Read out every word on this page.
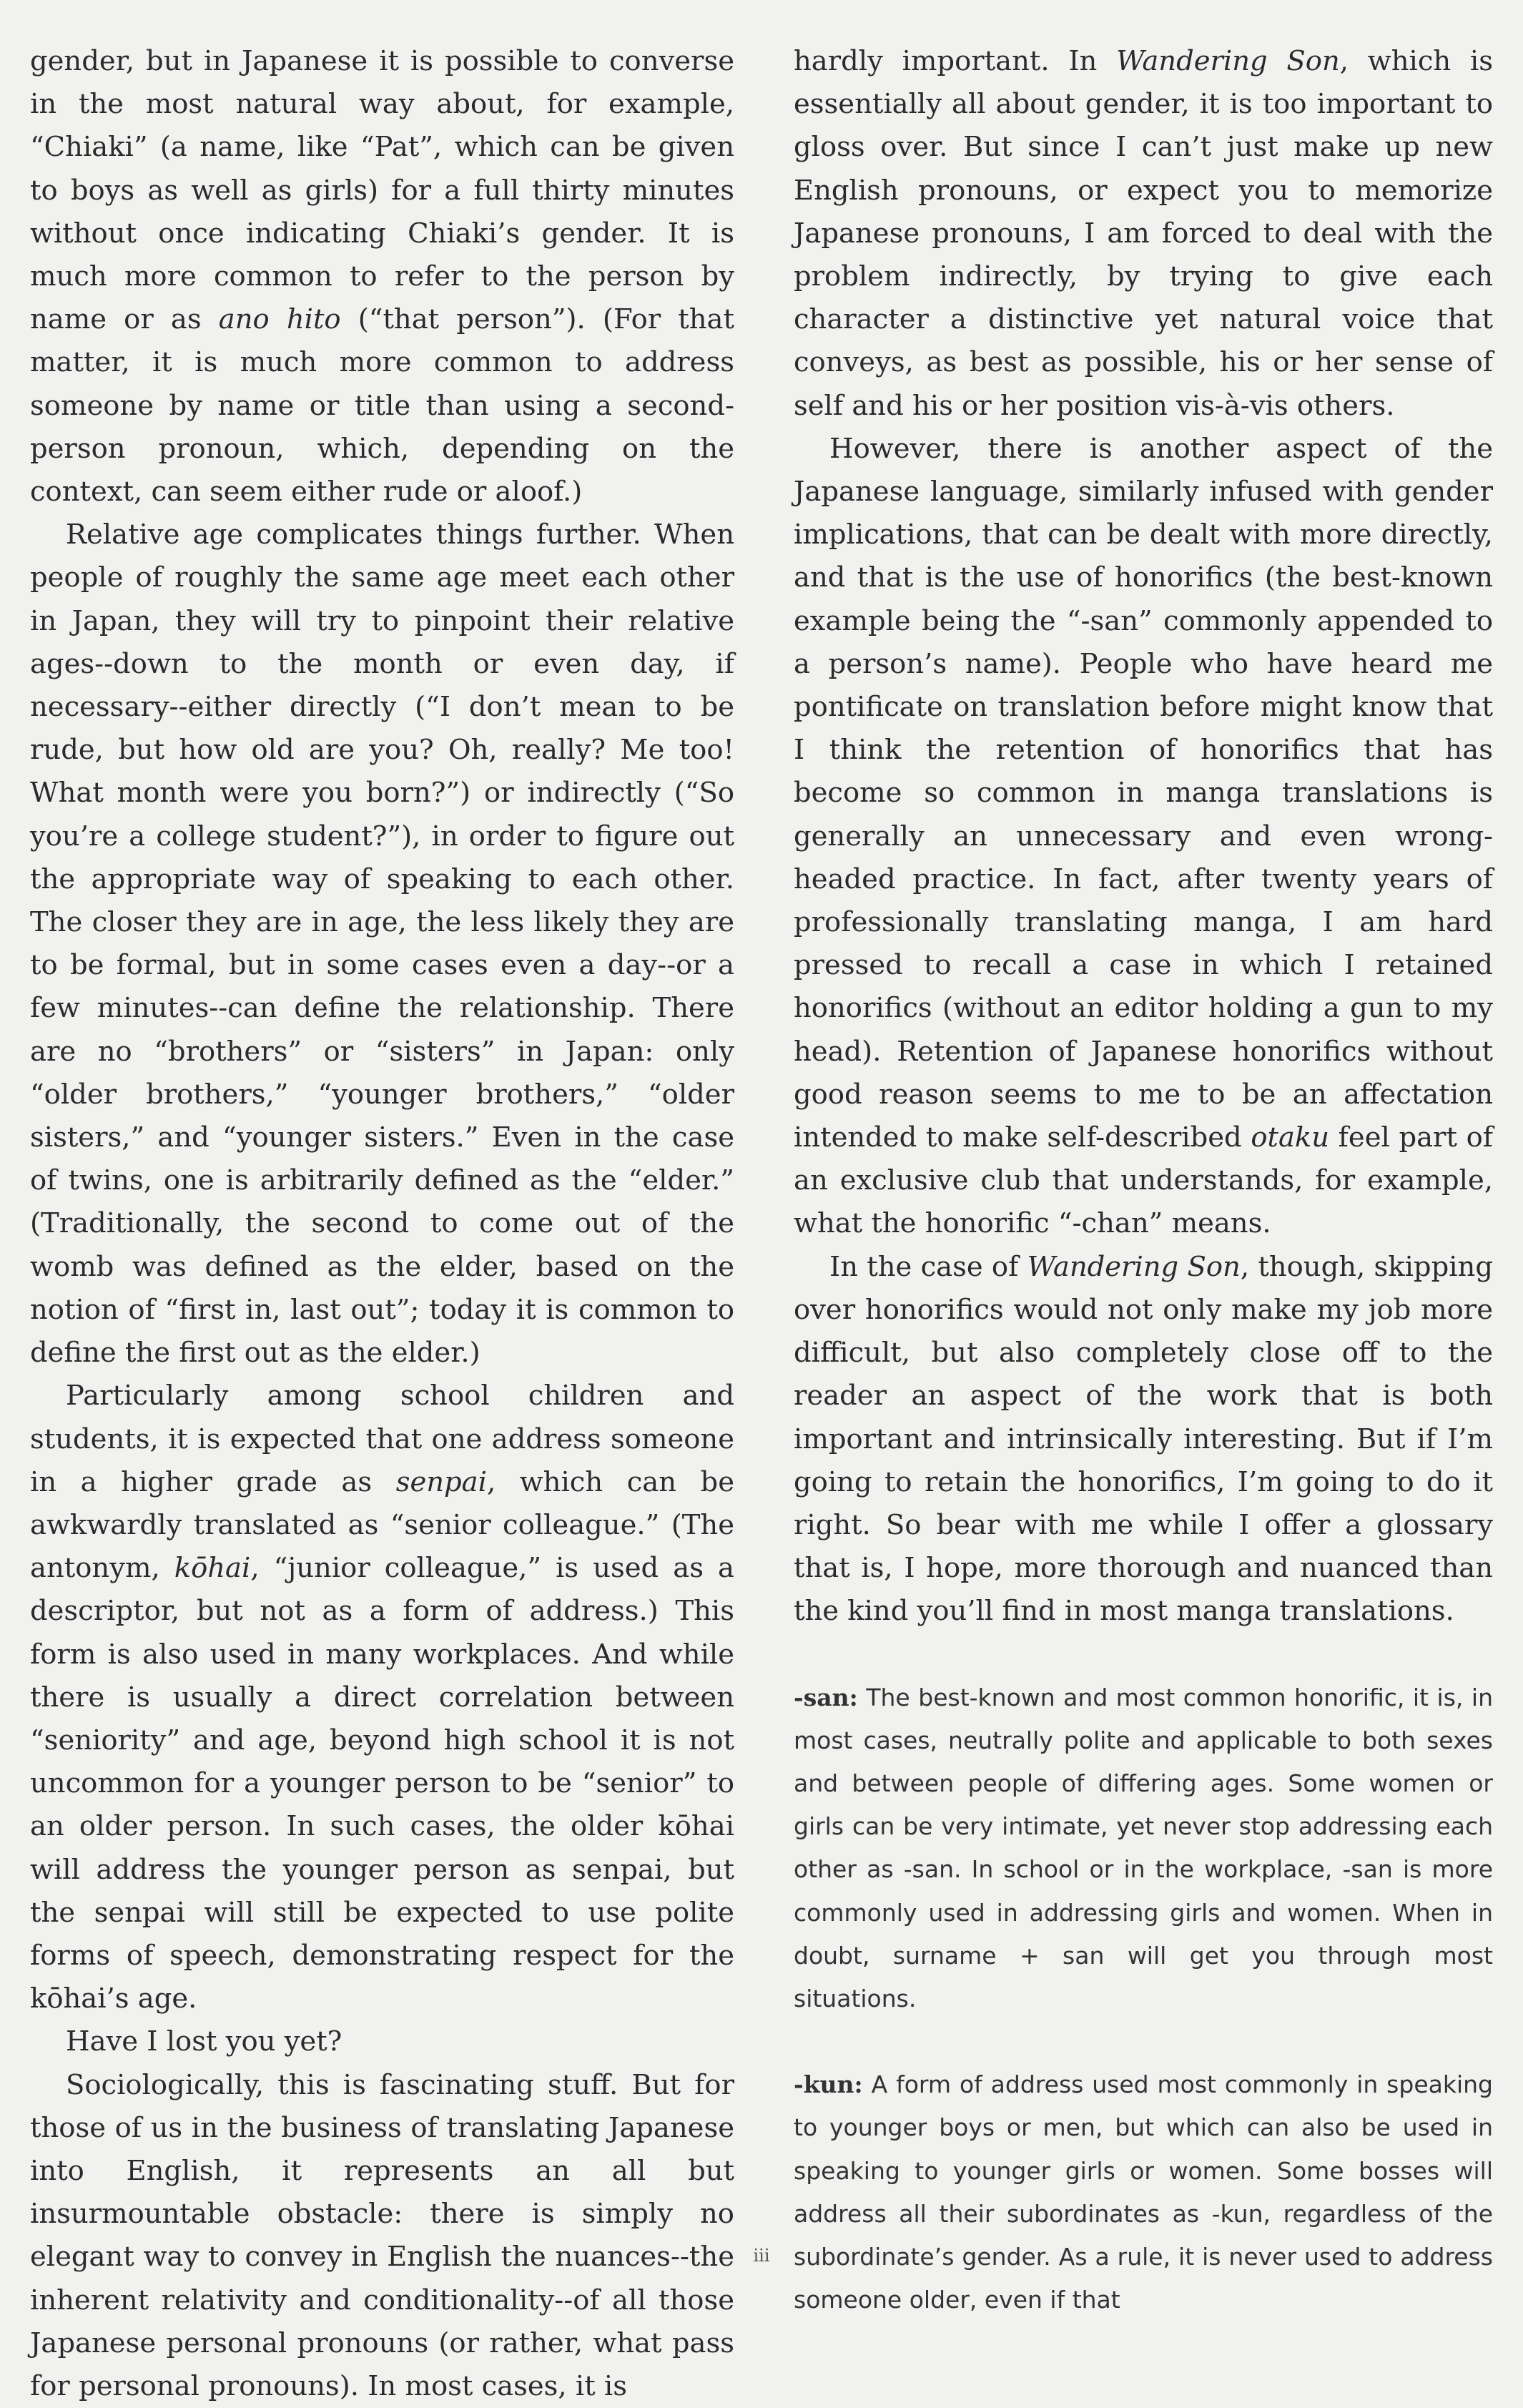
gender, but in Japanese it is possible to converse in the most natural way about, for example, “Chiaki” (a name, like “Pat”, which can be given to boys as well as girls) for a full thirty minutes without once indicating Chiaki’s gender. It is much more common to refer to the person by name or as ano hito (“that person”). (For that matter, it is much more common to address someone by name or title than using a second-person pronoun, which, depending on the context, can seem either rude or aloof.)

Relative age complicates things further. When people of roughly the same age meet each other in Japan, they will try to pinpoint their relative ages--down to the month or even day, if necessary--either directly (“I don’t mean to be rude, but how old are you? Oh, really? Me too! What month were you born?”) or indirectly (“So you’re a college student?”), in order to figure out the appropriate way of speaking to each other. The closer they are in age, the less likely they are to be formal, but in some cases even a day--or a few minutes--can define the relationship. There are no “brothers” or “sisters” in Japan: only “older brothers,” “younger brothers,” “older sisters,” and “younger sisters.” Even in the case of twins, one is arbitrarily defined as the “elder.” (Traditionally, the second to come out of the womb was defined as the elder, based on the notion of “first in, last out”; today it is common to define the first out as the elder.)

Particularly among school children and students, it is expected that one address someone in a higher grade as senpai, which can be awkwardly translated as “senior colleague.” (The antonym, kōhai, “junior colleague,” is used as a descriptor, but not as a form of address.) This form is also used in many workplaces. And while there is usually a direct correlation between “seniority” and age, beyond high school it is not uncommon for a younger person to be “senior” to an older person. In such cases, the older kōhai will address the younger person as senpai, but the senpai will still be expected to use polite forms of speech, demonstrating respect for the kōhai’s age.

Have I lost you yet?

Sociologically, this is fascinating stuff. But for those of us in the business of translating Japanese into English, it represents an all but insurmountable obstacle: there is simply no elegant way to convey in English the nuances--the inherent relativity and conditionality--of all those Japanese personal pronouns (or rather, what pass for personal pronouns). In most cases, it is

hardly important. In Wandering Son, which is essentially all about gender, it is too important to gloss over. But since I can’t just make up new English pronouns, or expect you to memorize Japanese pronouns, I am forced to deal with the problem indirectly, by trying to give each character a distinctive yet natural voice that conveys, as best as possible, his or her sense of self and his or her position vis-à-vis others.

However, there is another aspect of the Japanese language, similarly infused with gender implications, that can be dealt with more directly, and that is the use of honorifics (the best-known example being the “-san” commonly appended to a person’s name). People who have heard me pontificate on translation before might know that I think the retention of honorifics that has become so common in manga translations is generally an unnecessary and even wrong-headed practice. In fact, after twenty years of professionally translating manga, I am hard pressed to recall a case in which I retained honorifics (without an editor holding a gun to my head). Retention of Japanese honorifics without good reason seems to me to be an affectation intended to make self-described otaku feel part of an exclusive club that understands, for example, what the honorific “-chan” means.

In the case of Wandering Son, though, skipping over honorifics would not only make my job more difficult, but also completely close off to the reader an aspect of the work that is both important and intrinsically interesting. But if I’m going to retain the honorifics, I’m going to do it right. So bear with me while I offer a glossary that is, I hope, more thorough and nuanced than the kind you’ll find in most manga translations.

-san: The best-known and most common honorific, it is, in most cases, neutrally polite and applicable to both sexes and between people of differing ages. Some women or girls can be very intimate, yet never stop addressing each other as -san. In school or in the workplace, -san is more commonly used in addressing girls and women. When in doubt, surname + san will get you through most situations.

-kun: A form of address used most commonly in speaking to younger boys or men, but which can also be used in speaking to younger girls or women. Some bosses will address all their subordinates as -kun, regardless of the subordinate’s gender. As a rule, it is never used to address someone older, even if that

iii
